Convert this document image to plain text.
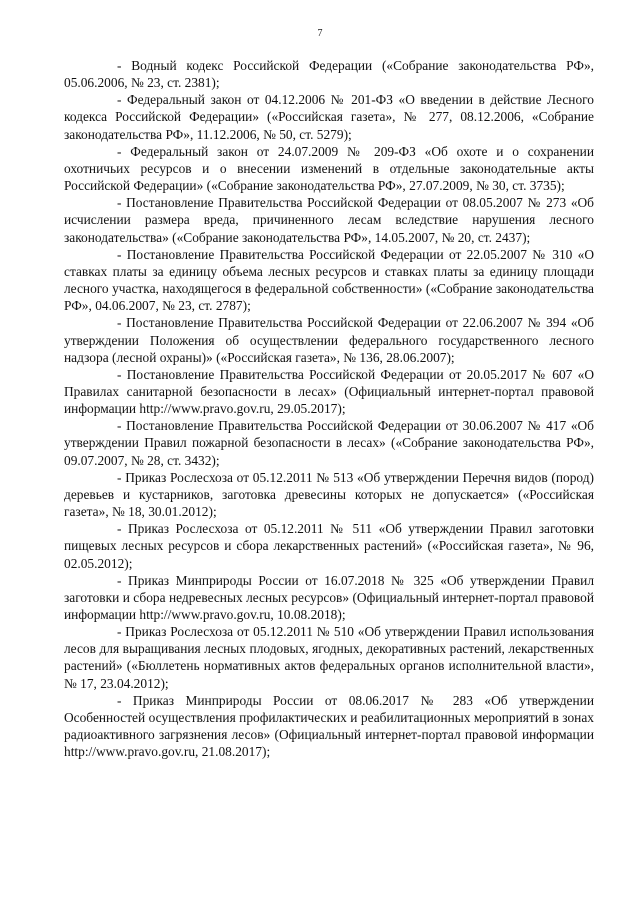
7

- Водный кодекс Российской Федерации («Собрание законодательства РФ», 05.06.2006, № 23, ст. 2381);

- Федеральный закон от 04.12.2006 № 201-ФЗ «О введении в действие Лесного кодекса Российской Федерации» («Российская газета», № 277, 08.12.2006, «Собрание законодательства РФ», 11.12.2006, № 50, ст. 5279);

- Федеральный закон от 24.07.2009 № 209-ФЗ «Об охоте и о сохранении охотничьих ресурсов и о внесении изменений в отдельные законодательные акты Российской Федерации» («Собрание законодательства РФ», 27.07.2009, № 30, ст. 3735);

- Постановление Правительства Российской Федерации от 08.05.2007 № 273 «Об исчислении размера вреда, причиненного лесам вследствие нарушения лесного законодательства» («Собрание законодательства РФ», 14.05.2007, № 20, ст. 2437);

- Постановление Правительства Российской Федерации от 22.05.2007 № 310 «О ставках платы за единицу объема лесных ресурсов и ставках платы за единицу площади лесного участка, находящегося в федеральной собственности» («Собрание законодательства РФ», 04.06.2007, № 23, ст. 2787);

- Постановление Правительства Российской Федерации от 22.06.2007 № 394 «Об утверждении Положения об осуществлении федерального государственного лесного надзора (лесной охраны)» («Российская газета», № 136, 28.06.2007);

- Постановление Правительства Российской Федерации от 20.05.2017 № 607 «О Правилах санитарной безопасности в лесах» (Официальный интернет-портал правовой информации http://www.pravo.gov.ru, 29.05.2017);

- Постановление Правительства Российской Федерации от 30.06.2007 № 417 «Об утверждении Правил пожарной безопасности в лесах» («Собрание законодательства РФ», 09.07.2007, № 28, ст. 3432);

- Приказ Рослесхоза от 05.12.2011 № 513 «Об утверждении Перечня видов (пород) деревьев и кустарников, заготовка древесины которых не допускается» («Российская газета», № 18, 30.01.2012);

- Приказ Рослесхоза от 05.12.2011 № 511 «Об утверждении Правил заготовки пищевых лесных ресурсов и сбора лекарственных растений» («Российская газета», № 96, 02.05.2012);

- Приказ Минприроды России от 16.07.2018 № 325 «Об утверждении Правил заготовки и сбора недревесных лесных ресурсов» (Официальный интернет-портал правовой информации http://www.pravo.gov.ru, 10.08.2018);

- Приказ Рослесхоза от 05.12.2011 № 510 «Об утверждении Правил использования лесов для выращивания лесных плодовых, ягодных, декоративных растений, лекарственных растений» («Бюллетень нормативных актов федеральных органов исполнительной власти», № 17, 23.04.2012);

- Приказ Минприроды России от 08.06.2017 № 283 «Об утверждении Особенностей осуществления профилактических и реабилитационных мероприятий в зонах радиоактивного загрязнения лесов» (Официальный интернет-портал правовой информации http://www.pravo.gov.ru, 21.08.2017);
